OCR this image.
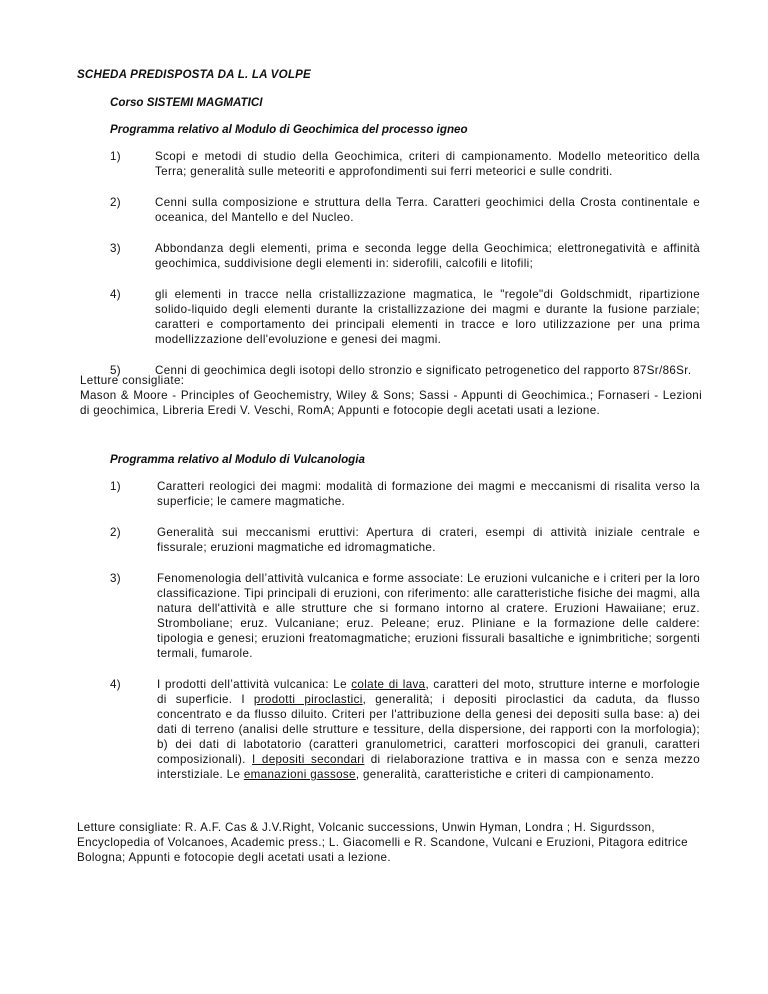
SCHEDA PREDISPOSTA DA L. LA VOLPE
Corso SISTEMI MAGMATICI
Programma relativo al Modulo di Geochimica del processo igneo
1)	Scopi e metodi di studio della Geochimica, criteri di campionamento. Modello meteoritico della Terra; generalità sulle meteoriti e approfondimenti sui ferri meteorici e sulle condriti.
2)	Cenni sulla composizione e struttura della Terra. Caratteri geochimici della Crosta continentale e oceanica, del Mantello e del Nucleo.
3)	Abbondanza degli elementi, prima e seconda legge della Geochimica; elettronegatività e affinità geochimica, suddivisione degli elementi in: siderofili, calcofili e litofili;
4)	gli elementi in tracce nella cristallizzazione magmatica, le "regole"di Goldschmidt, ripartizione solido-liquido degli elementi durante la cristallizzazione dei magmi e durante la fusione parziale; caratteri e comportamento dei principali elementi in tracce e loro utilizzazione per una prima modellizzazione dell'evoluzione e genesi dei magmi.
5)	Cenni di geochimica degli isotopi dello stronzio e significato petrogenetico del rapporto 87Sr/86Sr.
Letture consigliate:
Mason & Moore - Principles of Geochemistry, Wiley & Sons; Sassi - Appunti di Geochimica.; Fornaseri - Lezioni di geochimica, Libreria Eredi V. Veschi, RomA; Appunti e fotocopie degli acetati usati a lezione.
Programma relativo al Modulo di Vulcanologia
1)	Caratteri reologici dei magmi: modalità di formazione dei magmi e meccanismi di risalita verso la superficie; le camere magmatiche.
2)	Generalità sui meccanismi eruttivi: Apertura di crateri, esempi di attività iniziale centrale e fissurale; eruzioni magmatiche ed idromagmatiche.
3)	Fenomenologia dell’attività vulcanica e forme associate: Le eruzioni vulcaniche e i criteri per la loro classificazione. Tipi principali di eruzioni, con riferimento: alle caratteristiche fisiche dei magmi, alla natura dell'attività e alle strutture che si formano intorno al cratere. Eruzioni Hawaiiane; eruz. Stromboliane; eruz. Vulcaniane; eruz. Peleane; eruz. Pliniane e la formazione delle caldere: tipologia e genesi; eruzioni freatomagmatiche; eruzioni fissurali basaltiche e ignimbritiche; sorgenti termali, fumarole.
4)	I prodotti dell’attività vulcanica: Le colate di lava, caratteri del moto, strutture interne e morfologie di superficie. I prodotti piroclastici, generalità; i depositi piroclastici da caduta, da flusso concentrato e da flusso diluito. Criteri per l'attribuzione della genesi dei depositi sulla base: a) dei dati di terreno (analisi delle strutture e tessiture, della dispersione, dei rapporti con la morfologia); b) dei dati di labotatorio (caratteri granulometrici, caratteri morfoscopici dei granuli, caratteri composizionali). I depositi secondari di rielaborazione trattiva e in massa con e senza mezzo interstiziale. Le emanazioni gassose, generalità, caratteristiche e criteri di campionamento.
Letture consigliate: R. A.F. Cas & J.V.Right, Volcanic successions, Unwin Hyman, Londra ; H. Sigurdsson, Encyclopedia of Volcanoes, Academic press.; L. Giacomelli e R. Scandone, Vulcani e Eruzioni, Pitagora editrice Bologna; Appunti e fotocopie degli acetati usati a lezione.
